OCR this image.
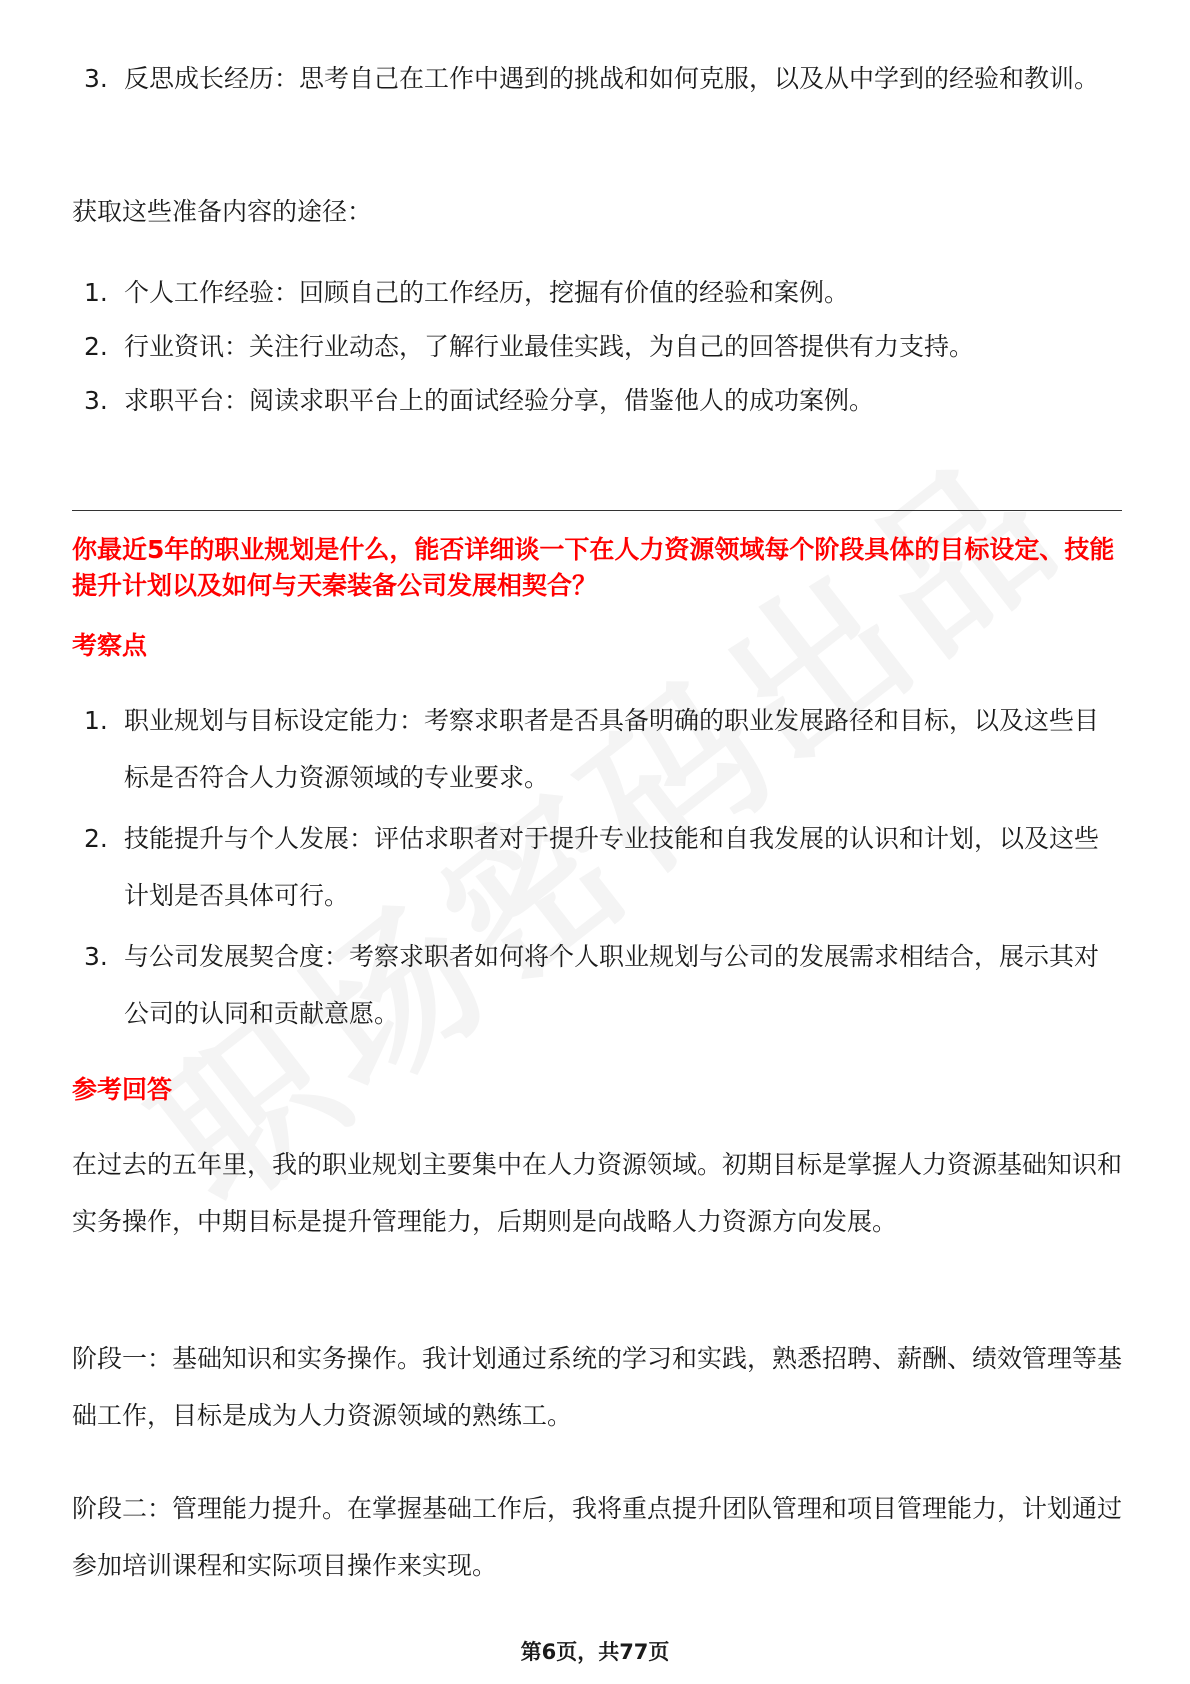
3. 反思成长经历：思考自己在工作中遇到的挑战和如何克服，以及从中学到的经验和教训。
获取这些准备内容的途径：
1. 个人工作经验：回顾自己的工作经历，挖掘有价值的经验和案例。
2. 行业资讯：关注行业动态，了解行业最佳实践，为自己的回答提供有力支持。
3. 求职平台：阅读求职平台上的面试经验分享，借鉴他人的成功案例。
你最近5年的职业规划是什么，能否详细谈一下在人力资源领域每个阶段具体的目标设定、技能提升计划以及如何与天秦装备公司发展相契合？
考察点
1. 职业规划与目标设定能力：考察求职者是否具备明确的职业发展路径和目标，以及这些目标是否符合人力资源领域的专业要求。
2. 技能提升与个人发展：评估求职者对于提升专业技能和自我发展的认识和计划，以及这些计划是否具体可行。
3. 与公司发展契合度：考察求职者如何将个人职业规划与公司的发展需求相结合，展示其对公司的认同和贡献意愿。
参考回答
在过去的五年里，我的职业规划主要集中在人力资源领域。初期目标是掌握人力资源基础知识和实务操作，中期目标是提升管理能力，后期则是向战略人力资源方向发展。
阶段一：基础知识和实务操作。我计划通过系统的学习和实践，熟悉招聘、薪酬、绩效管理等基础工作，目标是成为人力资源领域的熟练工。
阶段二：管理能力提升。在掌握基础工作后，我将重点提升团队管理和项目管理能力，计划通过参加培训课程和实际项目操作来实现。
第6页，共77页
